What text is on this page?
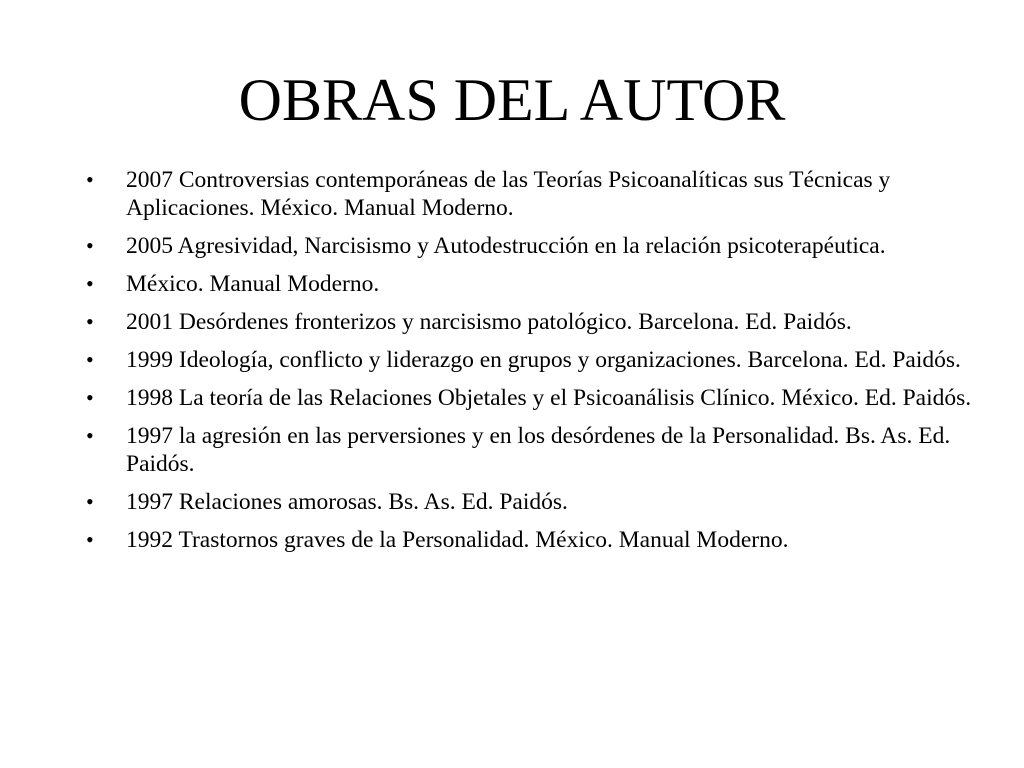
OBRAS DEL AUTOR
•	2007 Controversias contemporáneas de las Teorías Psicoanalíticas sus Técnicas y Aplicaciones. México. Manual Moderno.
•	2005 Agresividad, Narcisismo y Autodestrucción en la relación psicoterapéutica.
•	México. Manual Moderno.
•	2001 Desórdenes fronterizos y narcisismo patológico. Barcelona. Ed. Paidós.
•	1999 Ideología, conflicto y liderazgo en grupos y organizaciones. Barcelona. Ed. Paidós.
•	1998 La teoría de las Relaciones Objetales y el Psicoanálisis Clínico. México. Ed. Paidós.
•	1997 la agresión en las perversiones y en los desórdenes de la Personalidad. Bs. As. Ed. Paidós.
•	1997 Relaciones amorosas. Bs. As. Ed. Paidós.
•	1992 Trastornos graves de la Personalidad. México. Manual Moderno.
